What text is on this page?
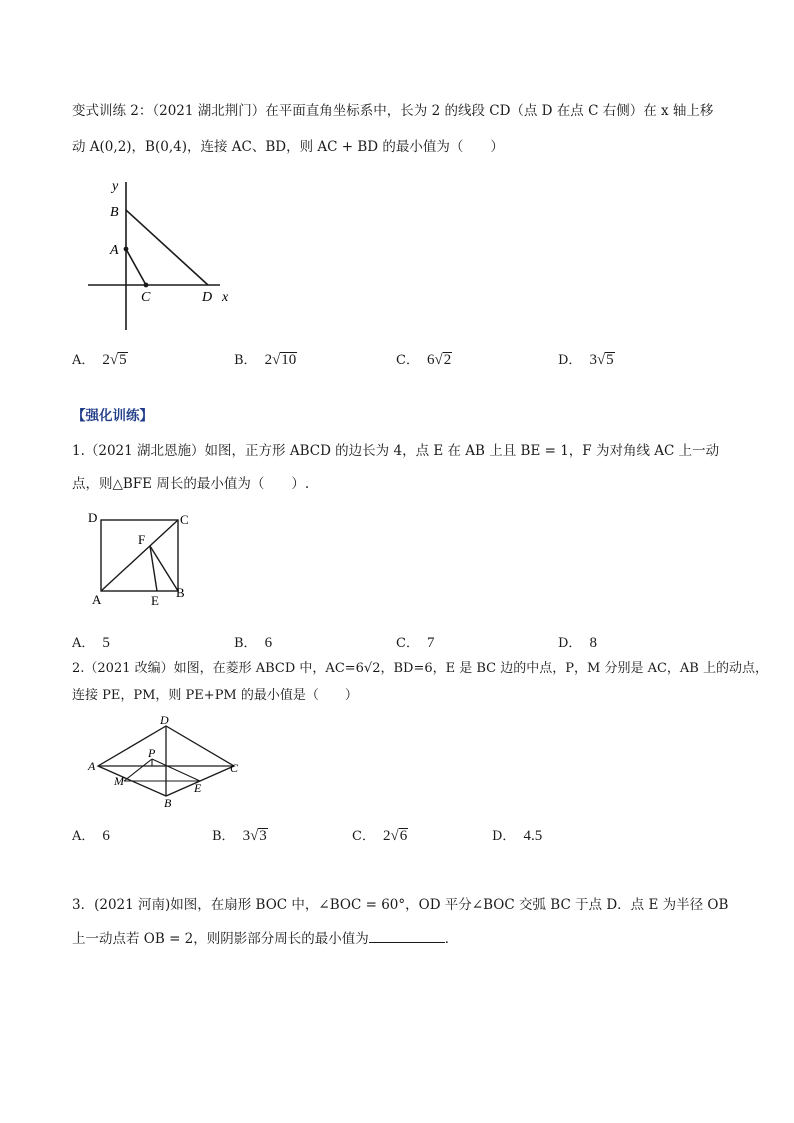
变式训练 2：（2021 湖北荆门）在平面直角坐标系中，长为 2 的线段 CD（点 D 在点 C 右侧）在 x 轴上移
动 A(0,2)，B(0,4)，连接 AC、BD，则 AC + BD 的最小值为（　　）
y
B
A
C	D x
A． 2√5	B． 2√10	C． 6√2	D． 3√5
【强化训练】
1.（2021 湖北恩施）如图，正方形 ABCD 的边长为 4，点 E 在 AB 上且 BE = 1，F 为对角线 AC 上一动
点，则△BFE 周长的最小值为（　　）.
D	C
F
A	E
B
A． 5	B． 6	C． 7	D． 8
2.（2021 改编）如图，在菱形 ABCD 中，AC=6√2，BD=6，E 是 BC 边的中点，P，M 分别是 AC，AB 上的动点，
连接 PE，PM，则 PE+PM 的最小值是（　　）
D
A
P
C
M	E
B
A． 6	B． 3√3	C． 2√6	D． 4.5
3．(2021 河南)如图，在扇形 BOC 中，∠BOC = 60°，OD 平分∠BOC 交弧 BC 于点 D．点 E 为半径 OB
上一动点若 OB = 2，则阴影部分周长的最小值为	．
